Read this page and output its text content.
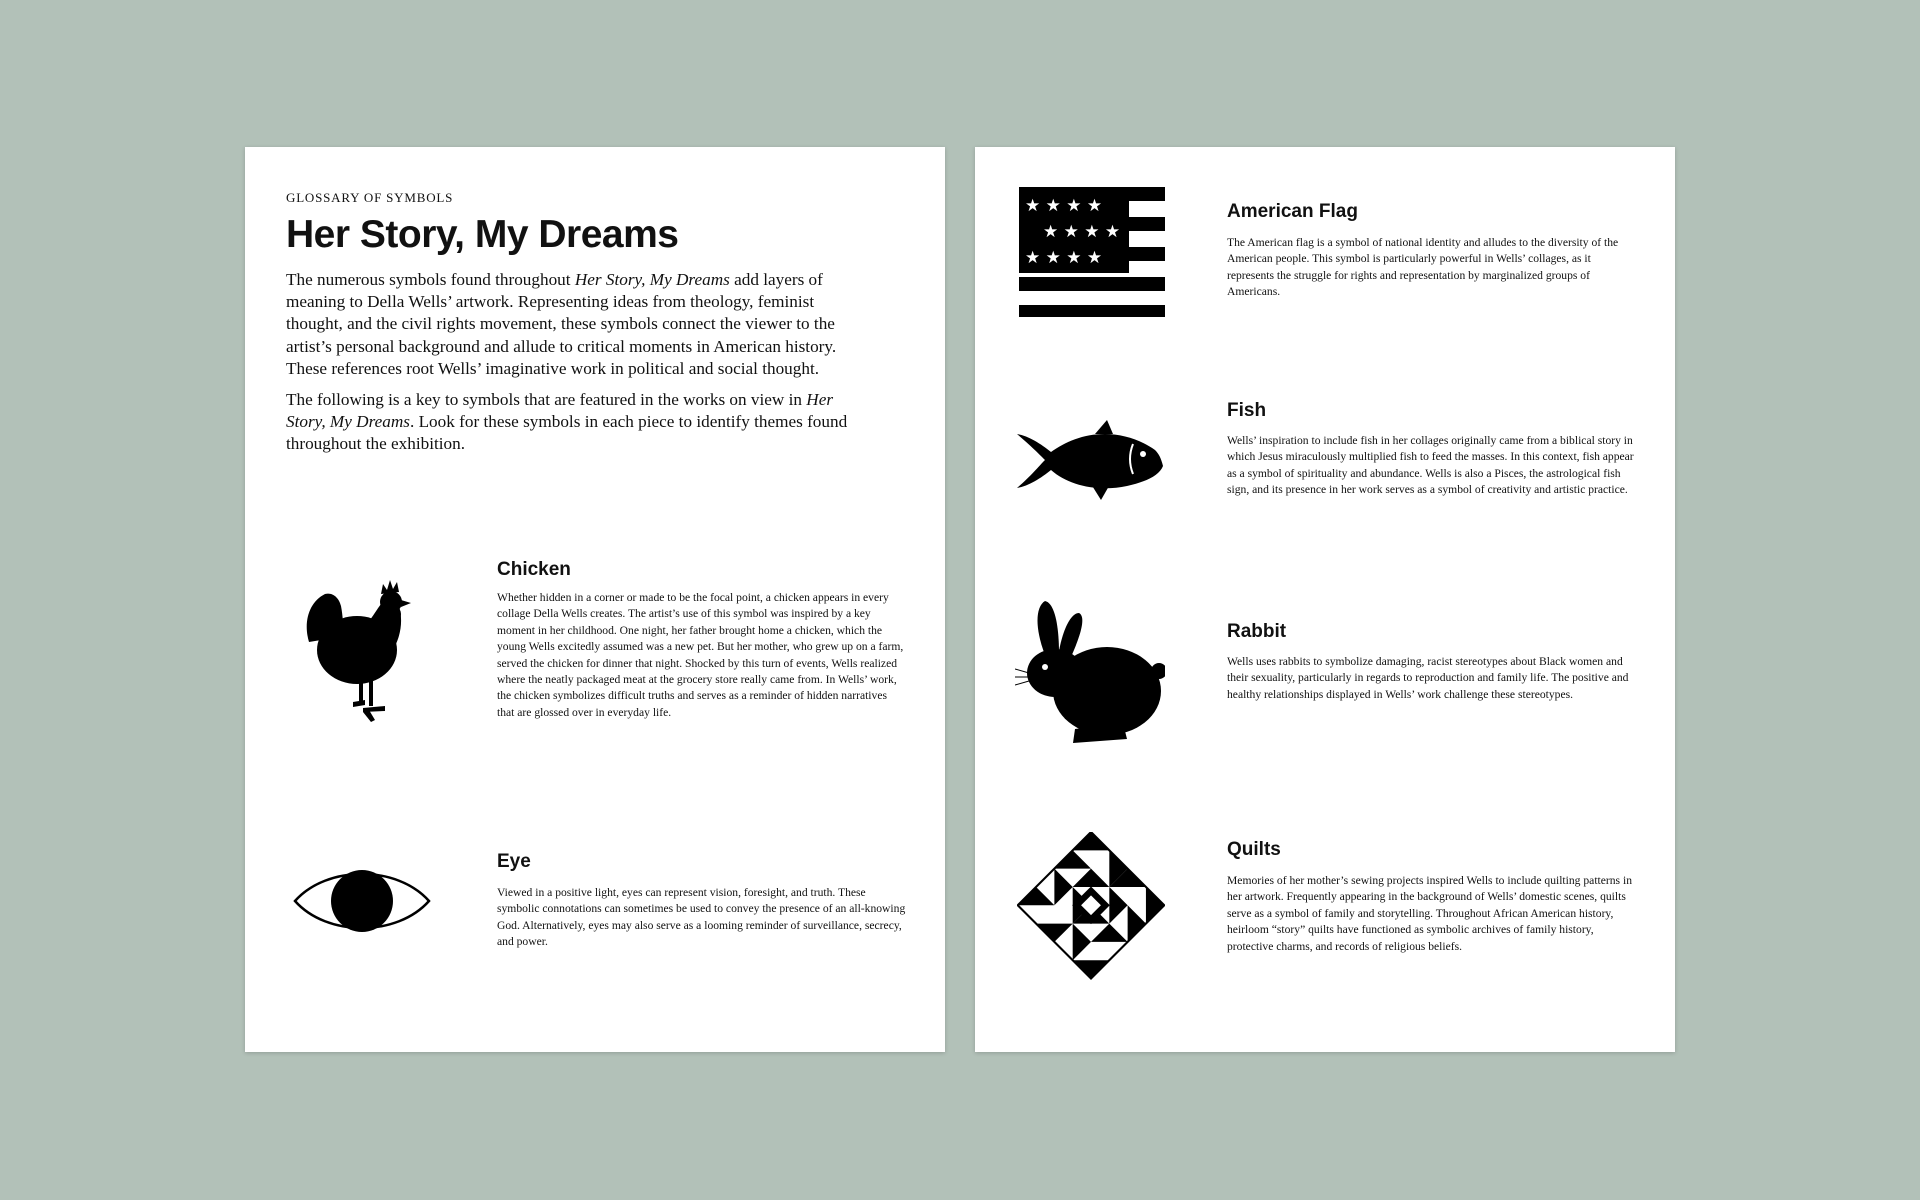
GLOSSARY OF SYMBOLS
Her Story, My Dreams

The numerous symbols found throughout Her Story, My Dreams add layers of meaning to Della Wells’ artwork. Representing ideas from theology, feminist thought, and the civil rights movement, these symbols connect the viewer to the artist’s personal background and allude to critical moments in American history. These references root Wells’ imaginative work in political and social thought.

The following is a key to symbols that are featured in the works on view in Her Story, My Dreams. Look for these symbols in each piece to identify themes found throughout the exhibition.

Chicken

Whether hidden in a corner or made to be the focal point, a chicken appears in every collage Della Wells creates. The artist’s use of this symbol was inspired by a key moment in her childhood. One night, her father brought home a chicken, which the young Wells excitedly assumed was a new pet. But her mother, who grew up on a farm, served the chicken for dinner that night. Shocked by this turn of events, Wells realized where the neatly packaged meat at the grocery store really came from. In Wells’ work, the chicken symbolizes difficult truths and serves as a reminder of hidden narratives that are glossed over in everyday life.

Eye

Viewed in a positive light, eyes can represent vision, foresight, and truth. These symbolic connotations can sometimes be used to convey the presence of an all-knowing God. Alternatively, eyes may also serve as a looming reminder of surveillance, secrecy, and power.

★ ★ ★ ★
★ ★ ★ ★
★ ★ ★ ★
American Flag

The American flag is a symbol of national identity and alludes to the diversity of the American people. This symbol is particularly powerful in Wells’ collages, as it represents the struggle for rights and representation by marginalized groups of Americans.

Fish

Wells’ inspiration to include fish in her collages originally came from a biblical story in which Jesus miraculously multiplied fish to feed the masses. In this context, fish appear as a symbol of spirituality and abundance. Wells is also a Pisces, the astrological fish sign, and its presence in her work serves as a symbol of creativity and artistic practice.

Rabbit

Wells uses rabbits to symbolize damaging, racist stereotypes about Black women and their sexuality, particularly in regards to reproduction and family life. The positive and healthy relationships displayed in Wells’ work challenge these stereotypes.

Quilts

Memories of her mother’s sewing projects inspired Wells to include quilting patterns in her artwork. Frequently appearing in the background of Wells’ domestic scenes, quilts serve as a symbol of family and storytelling. Throughout African American history, heirloom “story” quilts have functioned as symbolic archives of family history, protective charms, and records of religious beliefs.
